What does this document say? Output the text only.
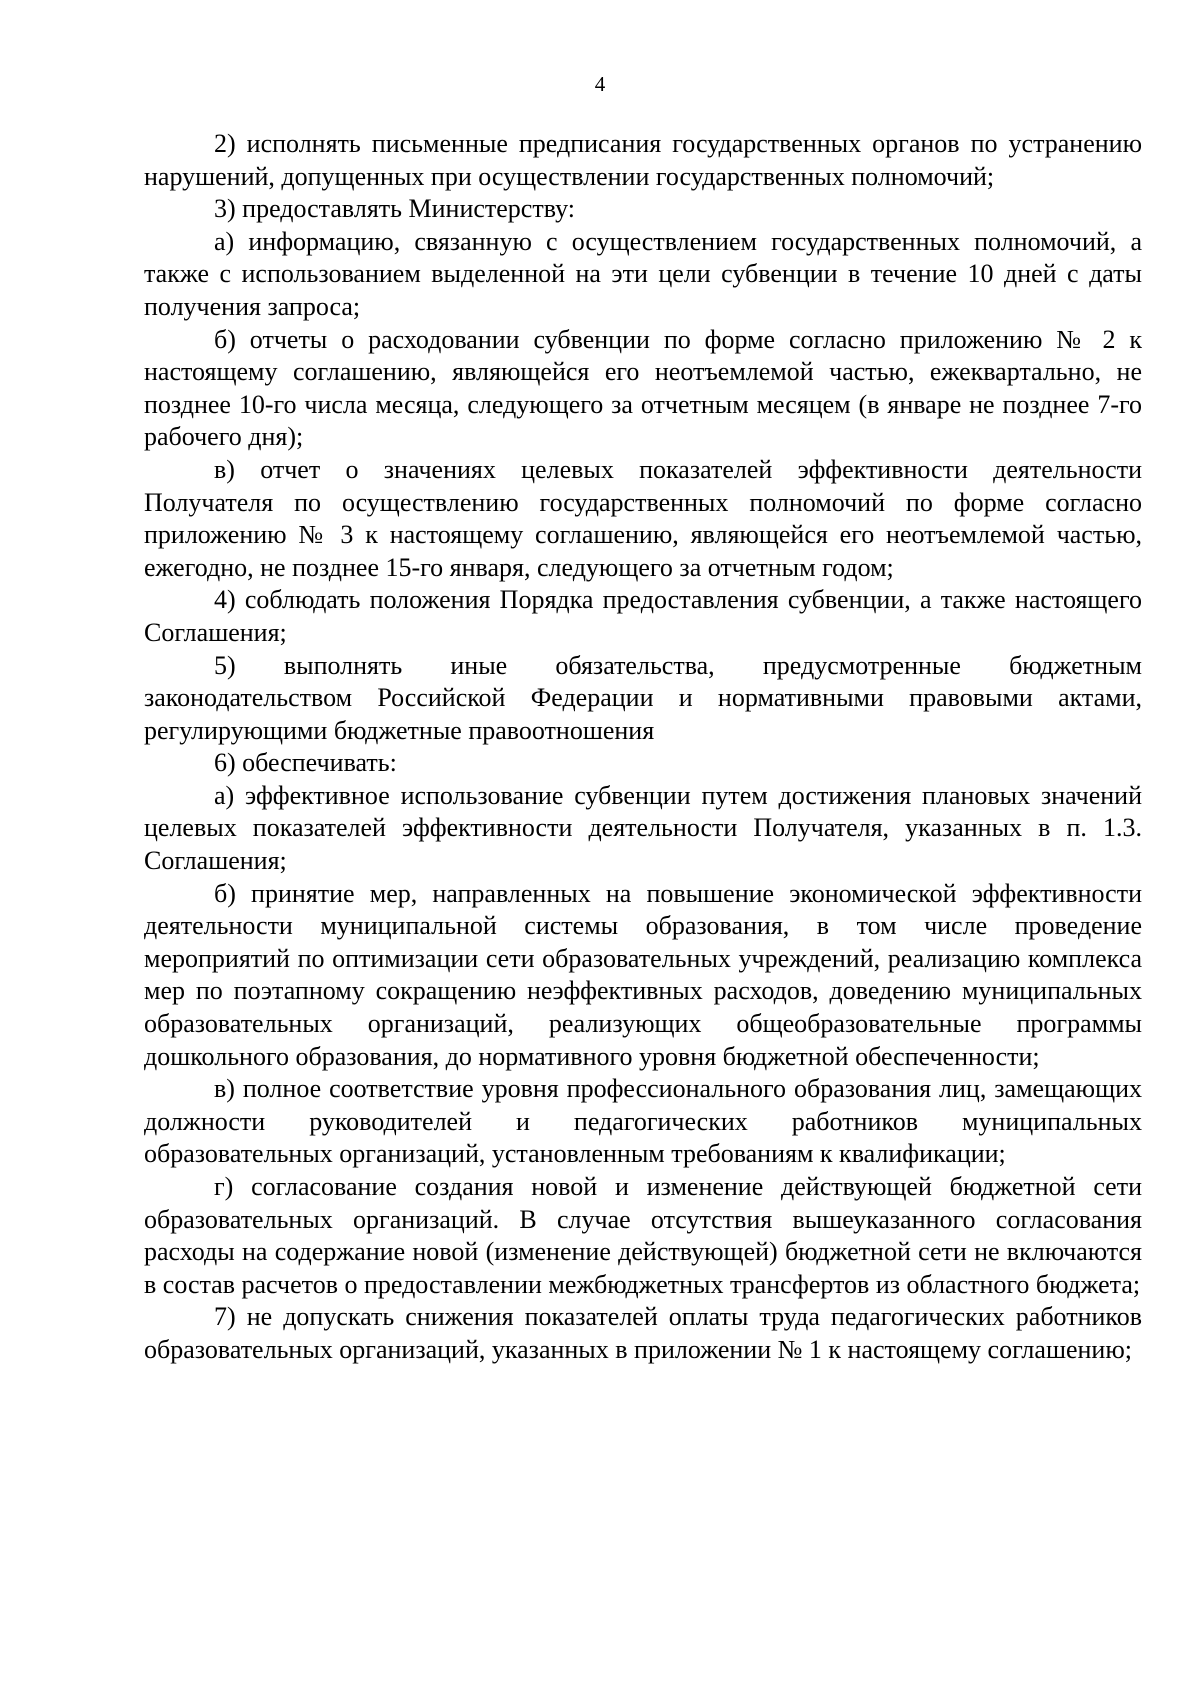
4

2) исполнять письменные предписания государственных органов по устранению нарушений, допущенных при осуществлении государственных полномочий;

3) предоставлять Министерству:

а) информацию, связанную с осуществлением государственных полномочий, а также с использованием выделенной на эти цели субвенции в течение 10 дней с даты получения запроса;

б) отчеты о расходовании субвенции по форме согласно приложению № 2 к настоящему соглашению, являющейся его неотъемлемой частью, ежеквартально, не позднее 10-го числа месяца, следующего за отчетным месяцем (в январе не позднее 7-го рабочего дня);

в) отчет о значениях целевых показателей эффективности деятельности Получателя по осуществлению государственных полномочий по форме согласно приложению № 3 к настоящему соглашению, являющейся его неотъемлемой частью, ежегодно, не позднее 15-го января, следующего за отчетным годом;

4) соблюдать положения Порядка предоставления субвенции, а также настоящего Соглашения;

5) выполнять иные обязательства, предусмотренные бюджетным законодательством Российской Федерации и нормативными правовыми актами, регулирующими бюджетные правоотношения

6) обеспечивать:

а) эффективное использование субвенции путем достижения плановых значений целевых показателей эффективности деятельности Получателя, указанных в п. 1.3. Соглашения;

б) принятие мер, направленных на повышение экономической эффективности деятельности муниципальной системы образования, в том числе проведение мероприятий по оптимизации сети образовательных учреждений, реализацию комплекса мер по поэтапному сокращению неэффективных расходов, доведению муниципальных образовательных организаций, реализующих общеобразовательные программы дошкольного образования, до нормативного уровня бюджетной обеспеченности;

в) полное соответствие уровня профессионального образования лиц, замещающих должности руководителей и педагогических работников муниципальных образовательных организаций, установленным требованиям к квалификации;

г) согласование создания новой и изменение действующей бюджетной сети образовательных организаций. В случае отсутствия вышеуказанного согласования расходы на содержание новой (изменение действующей) бюджетной сети не включаются в состав расчетов о предоставлении межбюджетных трансфертов из областного бюджета;

7) не допускать снижения показателей оплаты труда педагогических работников образовательных организаций, указанных в приложении № 1 к настоящему соглашению;
